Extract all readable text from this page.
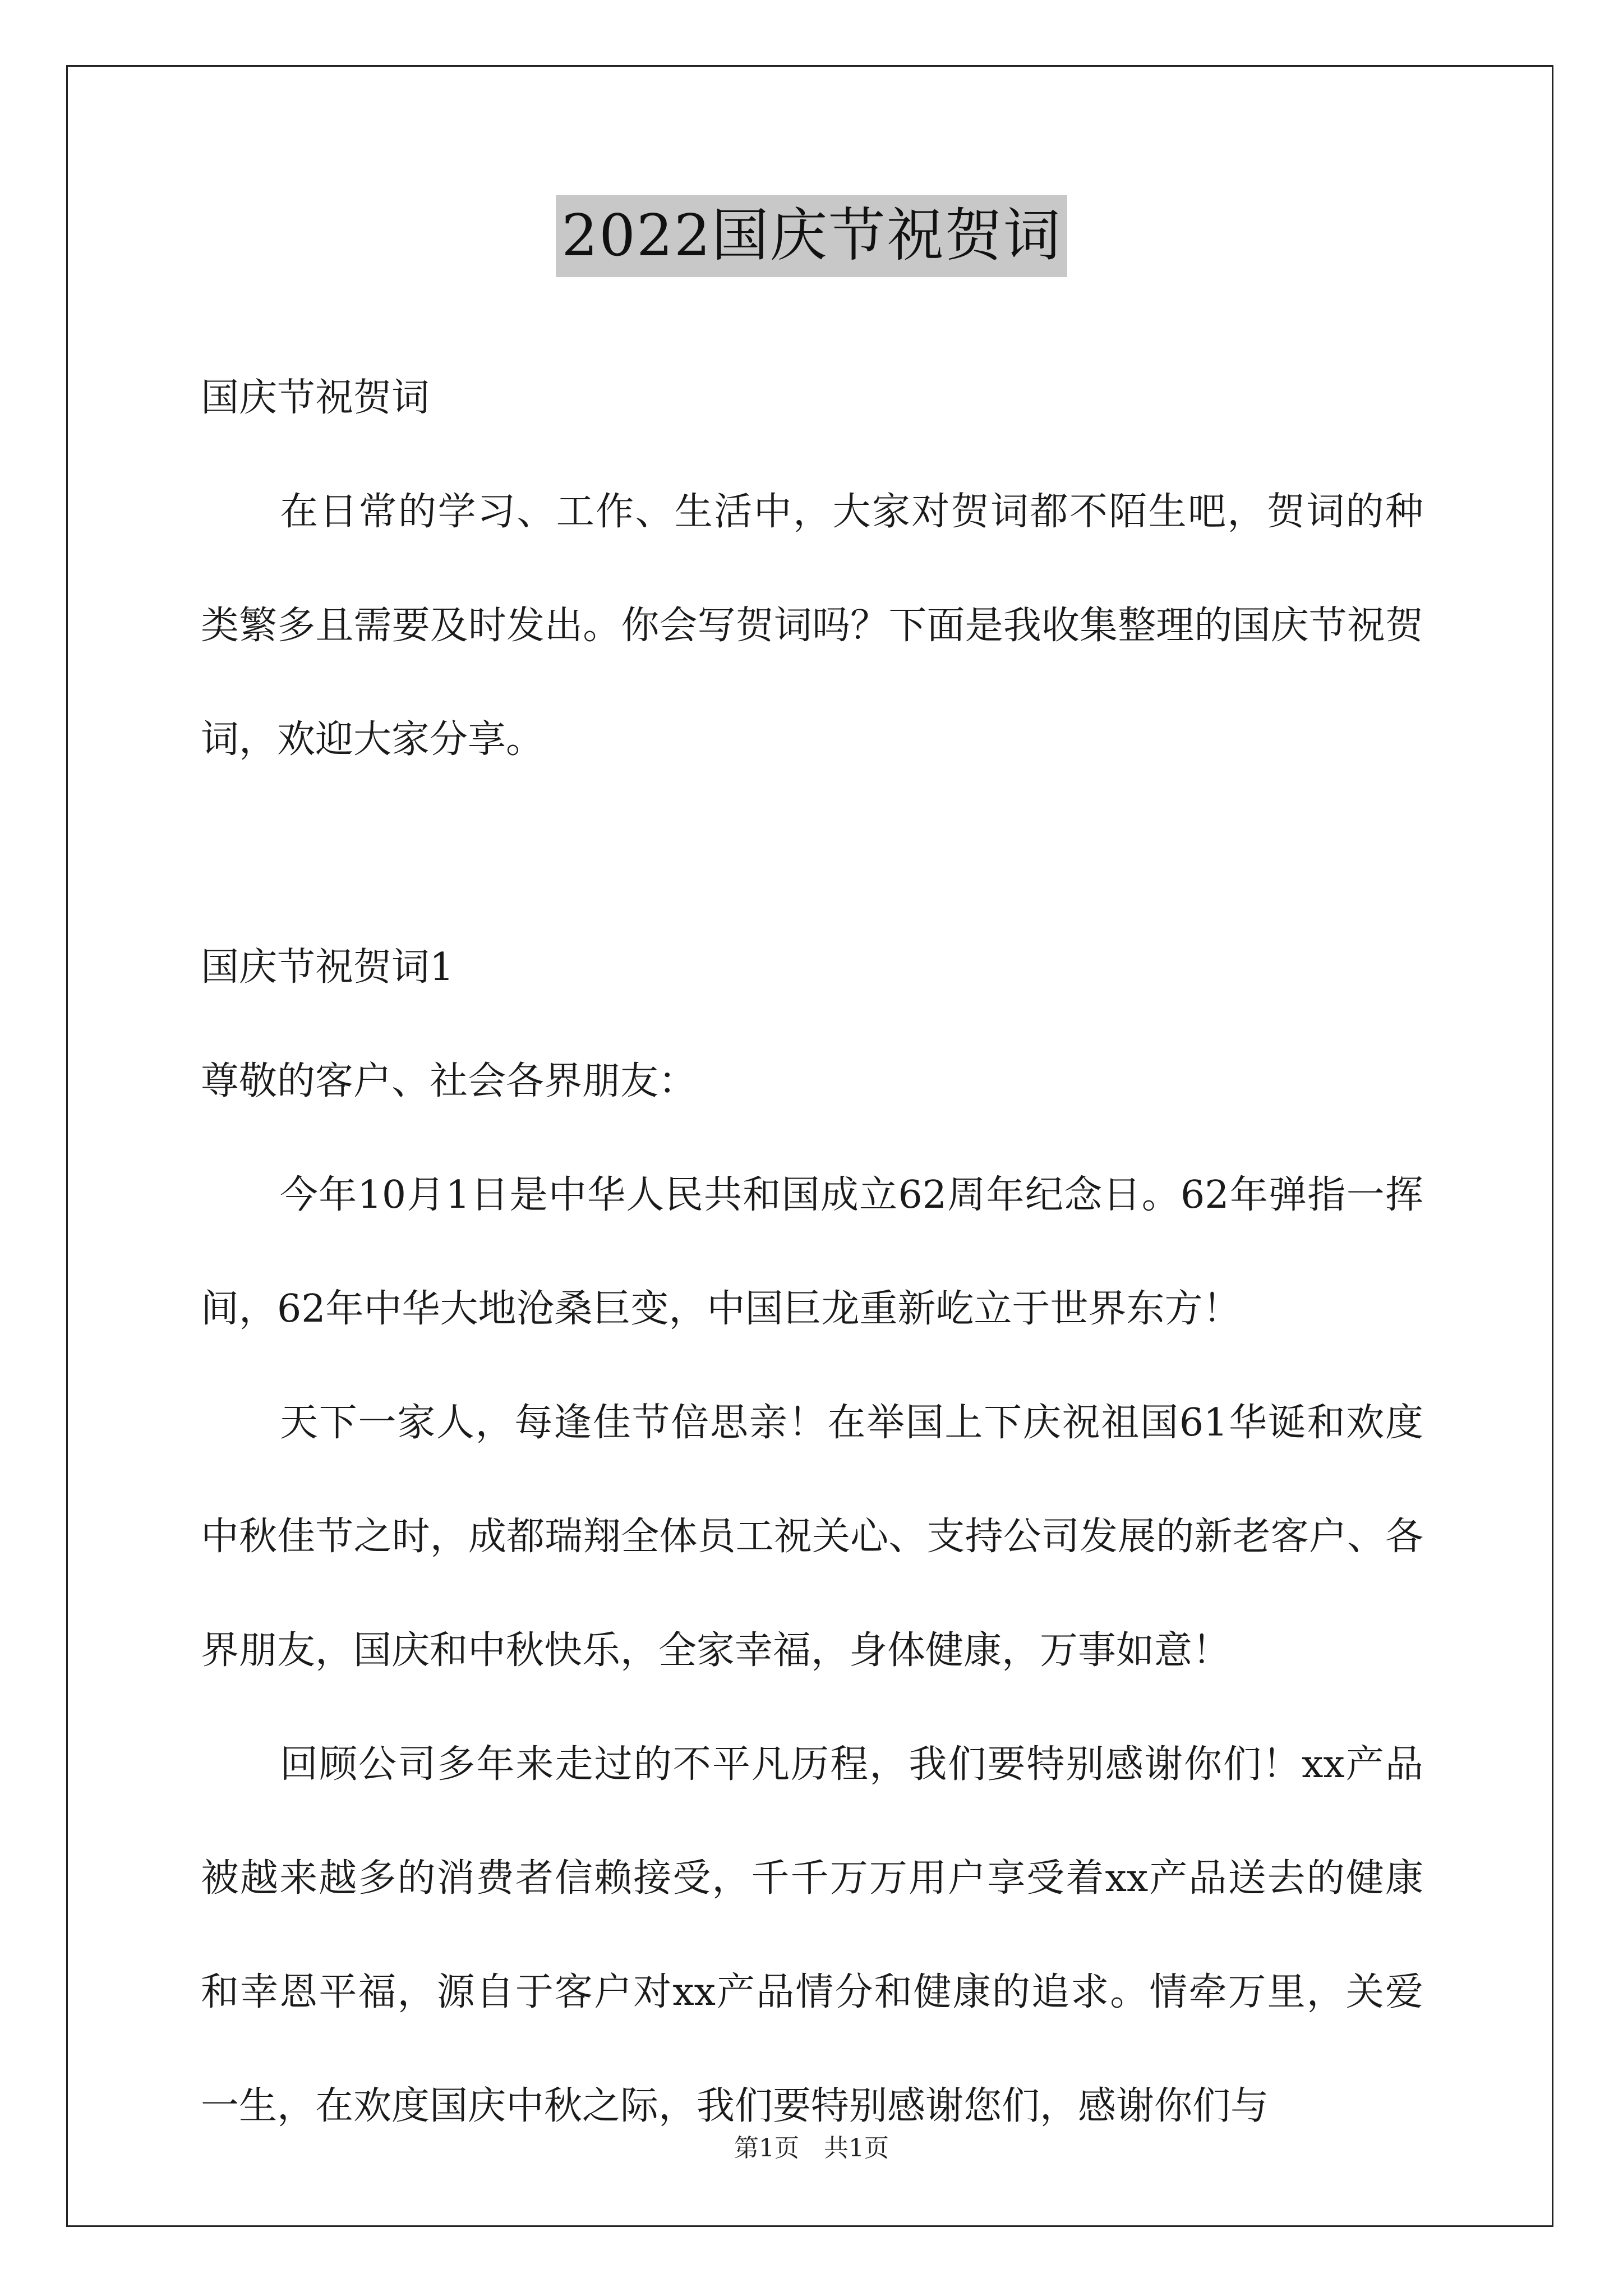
2022国庆节祝贺词

国庆节祝贺词

在日常的学习、工作、生活中，大家对贺词都不陌生吧，贺词的种类繁多且需要及时发出。你会写贺词吗？下面是我收集整理的国庆节祝贺词，欢迎大家分享。

国庆节祝贺词1

尊敬的客户、社会各界朋友：

今年10月1日是中华人民共和国成立62周年纪念日。62年弹指一挥间，62年中华大地沧桑巨变，中国巨龙重新屹立于世界东方！

天下一家人，每逢佳节倍思亲！在举国上下庆祝祖国61华诞和欢度中秋佳节之时，成都瑞翔全体员工祝关心、支持公司发展的新老客户、各界朋友，国庆和中秋快乐，全家幸福，身体健康，万事如意！

回顾公司多年来走过的不平凡历程，我们要特别感谢你们！xx产品被越来越多的消费者信赖接受，千千万万用户享受着xx产品送去的健康和幸恩平福，源自于客户对xx产品情分和健康的追求。情牵万里，关爱一生，在欢度国庆中秋之际，我们要特别感谢您们，感谢你们与

第1页　共1页
